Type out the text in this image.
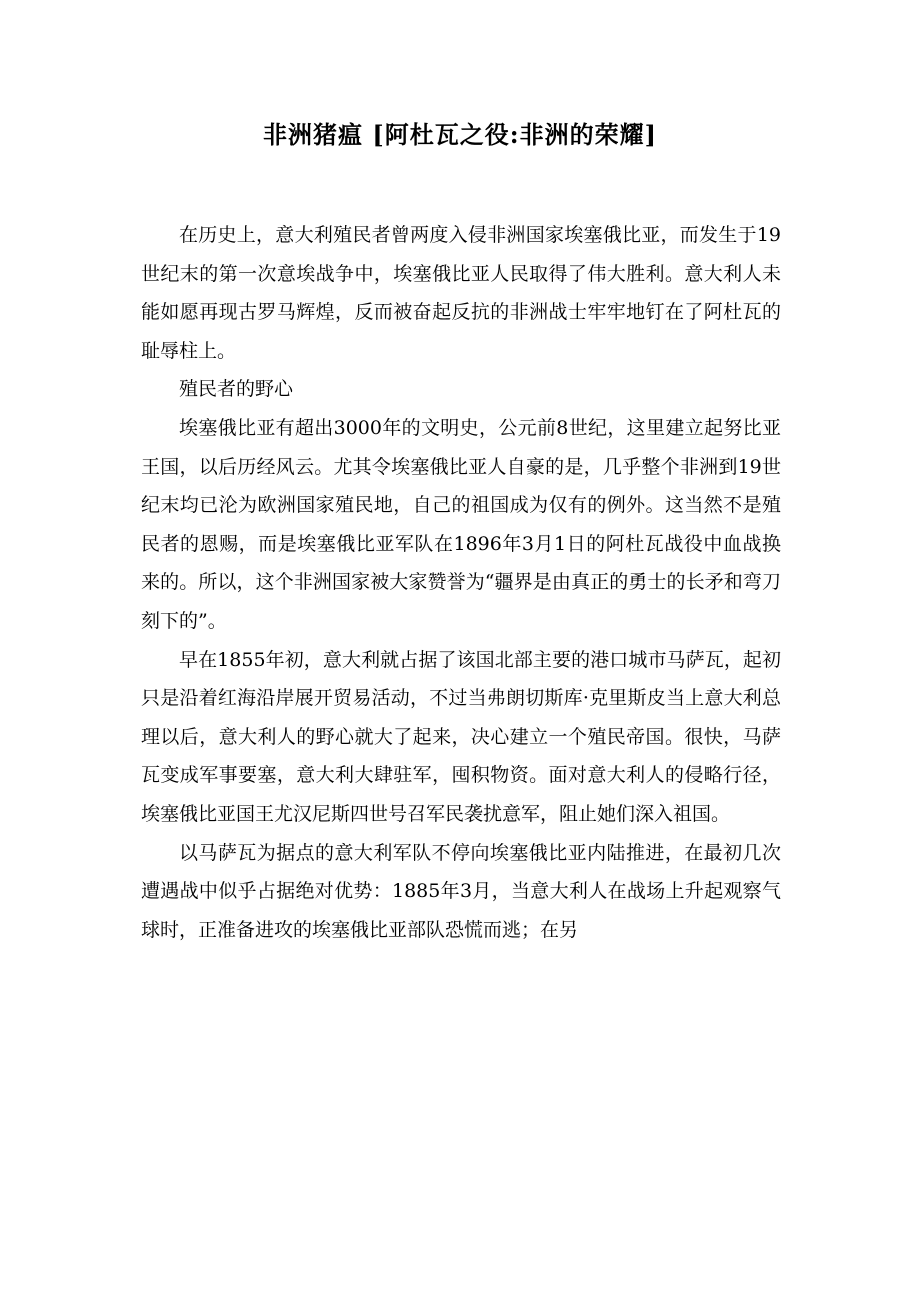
非洲猪瘟 [阿杜瓦之役:非洲的荣耀]

在历史上，意大利殖民者曾两度入侵非洲国家埃塞俄比亚，而发生于19世纪末的第一次意埃战争中，埃塞俄比亚人民取得了伟大胜利。意大利人未能如愿再现古罗马辉煌，反而被奋起反抗的非洲战士牢牢地钉在了阿杜瓦的耻辱柱上。

殖民者的野心

埃塞俄比亚有超出3000年的文明史，公元前8世纪，这里建立起努比亚王国，以后历经风云。尤其令埃塞俄比亚人自豪的是，几乎整个非洲到19世纪末均已沦为欧洲国家殖民地，自己的祖国成为仅有的例外。这当然不是殖民者的恩赐，而是埃塞俄比亚军队在1896年3月1日的阿杜瓦战役中血战换来的。所以，这个非洲国家被大家赞誉为“疆界是由真正的勇士的长矛和弯刀刻下的”。

早在1855年初，意大利就占据了该国北部主要的港口城市马萨瓦，起初只是沿着红海沿岸展开贸易活动，不过当弗朗切斯库·克里斯皮当上意大利总理以后，意大利人的野心就大了起来，决心建立一个殖民帝国。很快，马萨瓦变成军事要塞，意大利大肆驻军，囤积物资。面对意大利人的侵略行径，埃塞俄比亚国王尤汉尼斯四世号召军民袭扰意军，阻止她们深入祖国。

以马萨瓦为据点的意大利军队不停向埃塞俄比亚内陆推进，在最初几次遭遇战中似乎占据绝对优势：1885年3月，当意大利人在战场上升起观察气球时，正准备进攻的埃塞俄比亚部队恐慌而逃；在另
